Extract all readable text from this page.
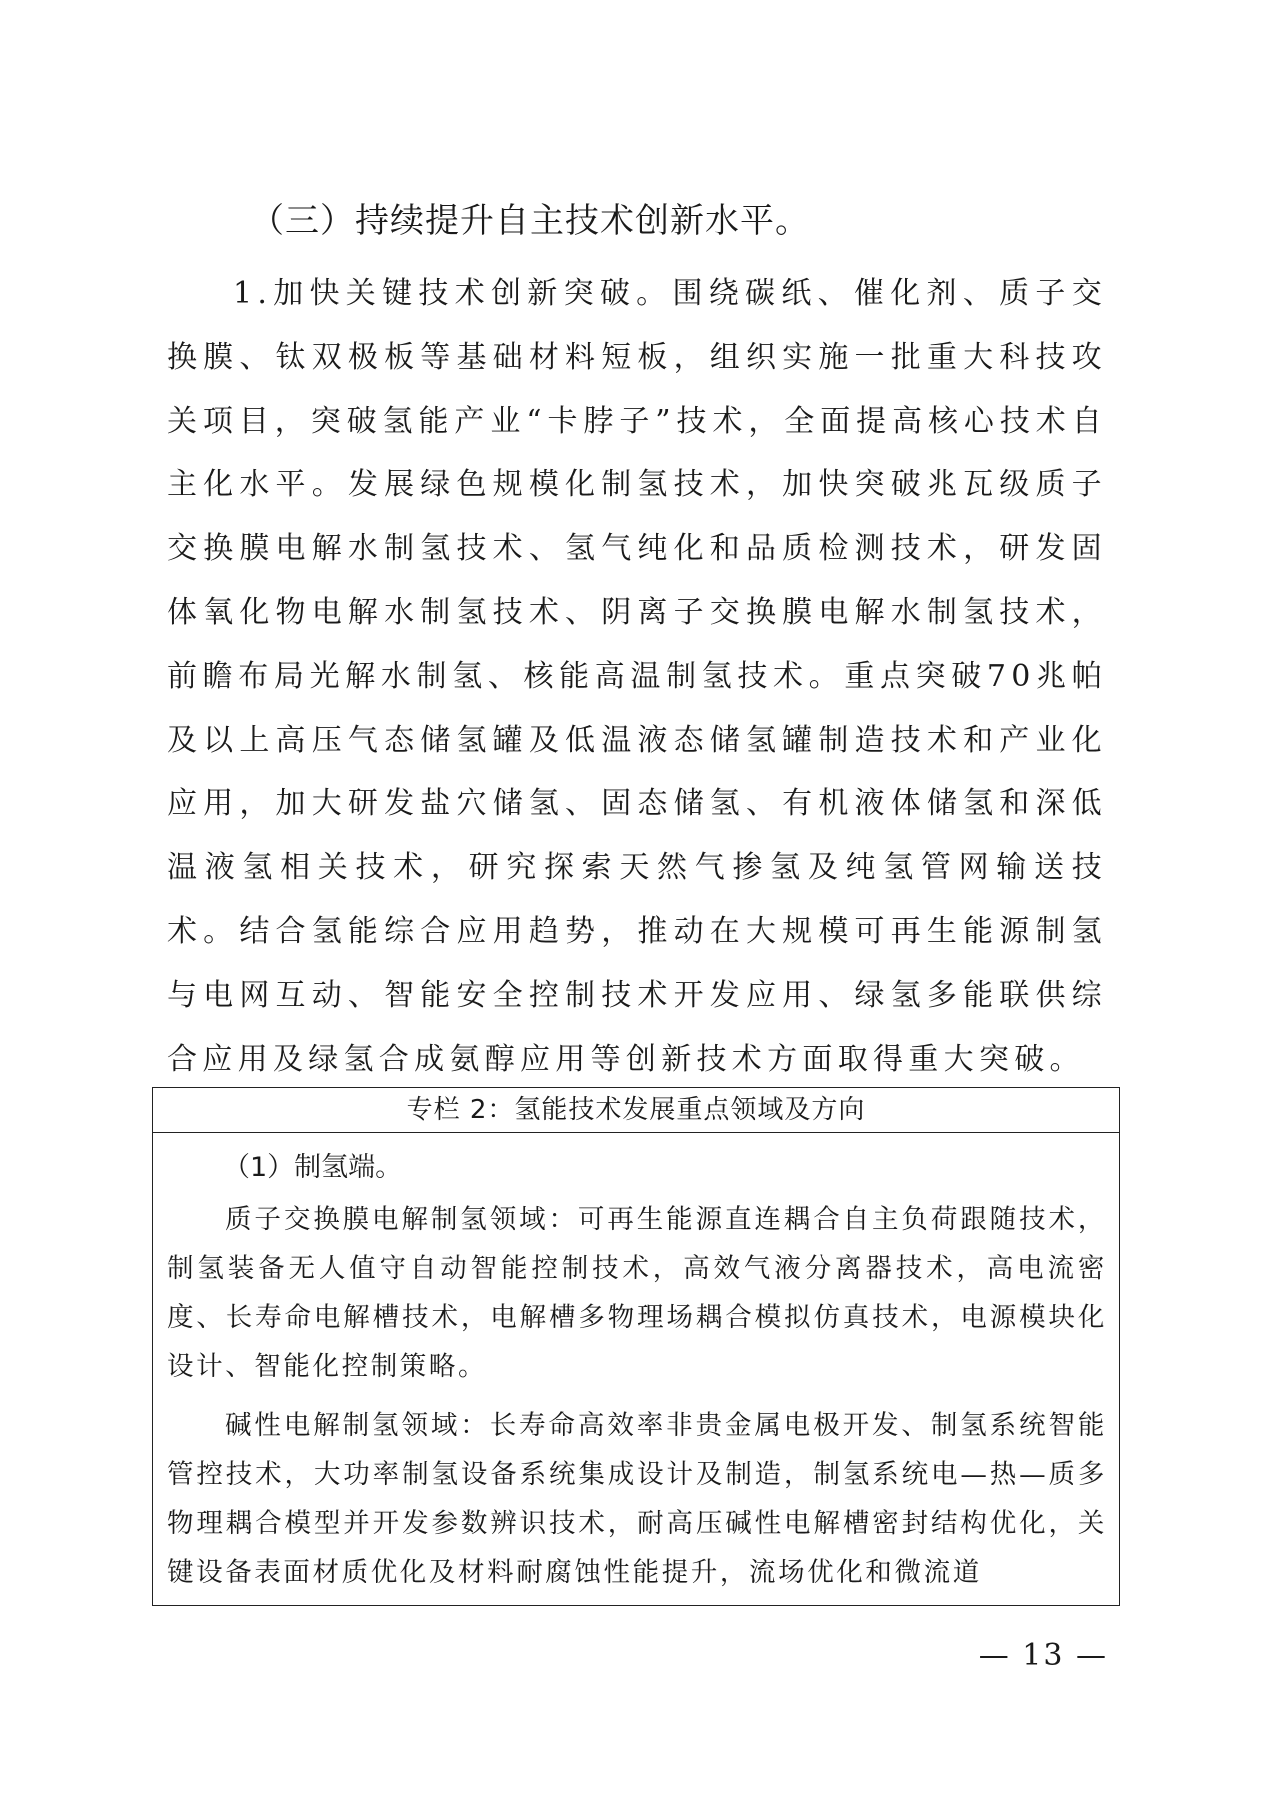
（三）持续提升自主技术创新水平。

1.加快关键技术创新突破。围绕碳纸、催化剂、质子交换膜、钛双极板等基础材料短板，组织实施一批重大科技攻关项目，突破氢能产业“卡脖子”技术，全面提高核心技术自主化水平。发展绿色规模化制氢技术，加快突破兆瓦级质子交换膜电解水制氢技术、氢气纯化和品质检测技术，研发固体氧化物电解水制氢技术、阴离子交换膜电解水制氢技术，前瞻布局光解水制氢、核能高温制氢技术。重点突破70兆帕及以上高压气态储氢罐及低温液态储氢罐制造技术和产业化应用，加大研发盐穴储氢、固态储氢、有机液体储氢和深低温液氢相关技术，研究探索天然气掺氢及纯氢管网输送技术。结合氢能综合应用趋势，推动在大规模可再生能源制氢与电网互动、智能安全控制技术开发应用、绿氢多能联供综合应用及绿氢合成氨醇应用等创新技术方面取得重大突破。

专栏 2：氢能技术发展重点领域及方向
（1）制氢端。

质子交换膜电解制氢领域：可再生能源直连耦合自主负荷跟随技术，制氢装备无人值守自动智能控制技术，高效气液分离器技术，高电流密度、长寿命电解槽技术，电解槽多物理场耦合模拟仿真技术，电源模块化设计、智能化控制策略。

碱性电解制氢领域：长寿命高效率非贵金属电极开发、制氢系统智能管控技术，大功率制氢设备系统集成设计及制造，制氢系统电—热—质多物理耦合模型并开发参数辨识技术，耐高压碱性电解槽密封结构优化，关键设备表面材质优化及材料耐腐蚀性能提升，流场优化和微流道

— 13 —
